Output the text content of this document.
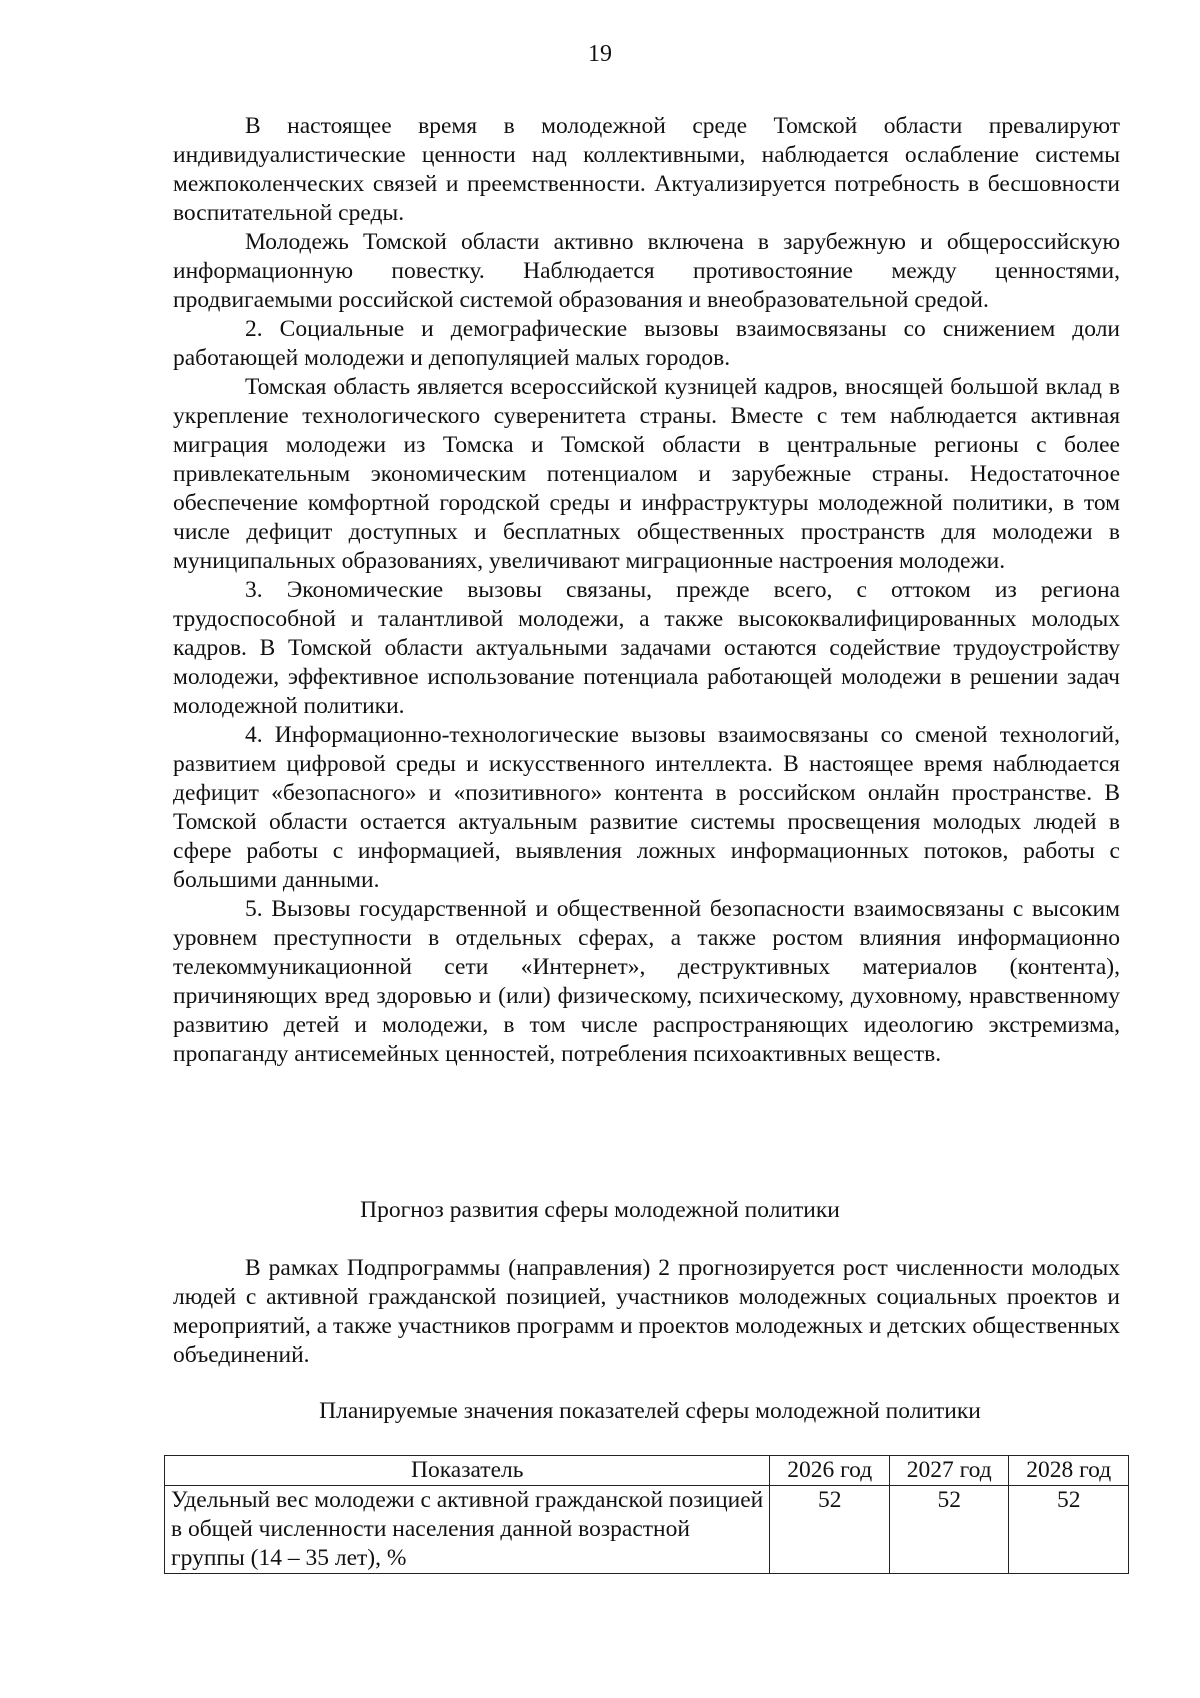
19

В настоящее время в молодежной среде Томской области превалируют индивидуалистические ценности над коллективными, наблюдается ослабление системы межпоколенческих связей и преемственности. Актуализируется потребность в бесшовности воспитательной среды.

Молодежь Томской области активно включена в зарубежную и общероссийскую информационную повестку. Наблюдается противостояние между ценностями, продвигаемыми российской системой образования и внеобразовательной средой.

2. Социальные и демографические вызовы взаимосвязаны со снижением доли работающей молодежи и депопуляцией малых городов.

Томская область является всероссийской кузницей кадров, вносящей большой вклад в укрепление технологического суверенитета страны. Вместе с тем наблюдается активная миграция молодежи из Томска и Томской области в центральные регионы с более привлекательным экономическим потенциалом и зарубежные страны. Недостаточное обеспечение комфортной городской среды и инфраструктуры молодежной политики, в том числе дефицит доступных и бесплатных общественных пространств для молодежи в муниципальных образованиях, увеличивают миграционные настроения молодежи.

3. Экономические вызовы связаны, прежде всего, с оттоком из региона трудоспособной и талантливой молодежи, а также высококвалифицированных молодых кадров. В Томской области актуальными задачами остаются содействие трудоустройству молодежи, эффективное использование потенциала работающей молодежи в решении задач молодежной политики.

4. Информационно-технологические вызовы взаимосвязаны со сменой технологий, развитием цифровой среды и искусственного интеллекта. В настоящее время наблюдается дефицит «безопасного» и «позитивного» контента в российском онлайн пространстве. В Томской области остается актуальным развитие системы просвещения молодых людей в сфере работы с информацией, выявления ложных информационных потоков, работы с большими данными.

5. Вызовы государственной и общественной безопасности взаимосвязаны с высоким уровнем преступности в отдельных сферах, а также ростом влияния информационно телекоммуникационной сети «Интернет», деструктивных материалов (контента), причиняющих вред здоровью и (или) физическому, психическому, духовному, нравственному развитию детей и молодежи, в том числе распространяющих идеологию экстремизма, пропаганду антисемейных ценностей, потребления психоактивных веществ.

Прогноз развития сферы молодежной политики

В рамках Подпрограммы (направления) 2 прогнозируется рост численности молодых людей с активной гражданской позицией, участников молодежных социальных проектов и мероприятий, а также участников программ и проектов молодежных и детских общественных объединений.

Планируемые значения показателей сферы молодежной политики
Показатель	2026 год	2027 год	2028 год
Удельный вес молодежи с активной гражданской позицией в общей численности населения данной возрастной группы (14 – 35 лет), %	52	52	52
